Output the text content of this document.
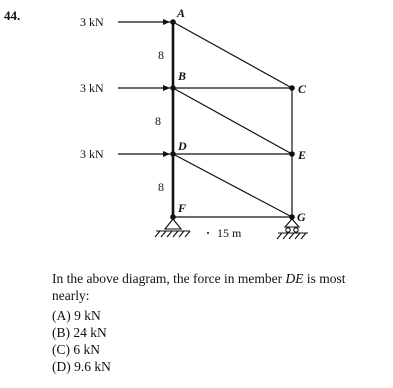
44.	A
B
C
D
E
F
G
3 kN
3 kN
3 kN
8
8
8
15 m

In the above diagram, the force in member DE is most nearly:

(A) 9 kN

(B) 24 kN

(C) 6 kN

(D) 9.6 kN
